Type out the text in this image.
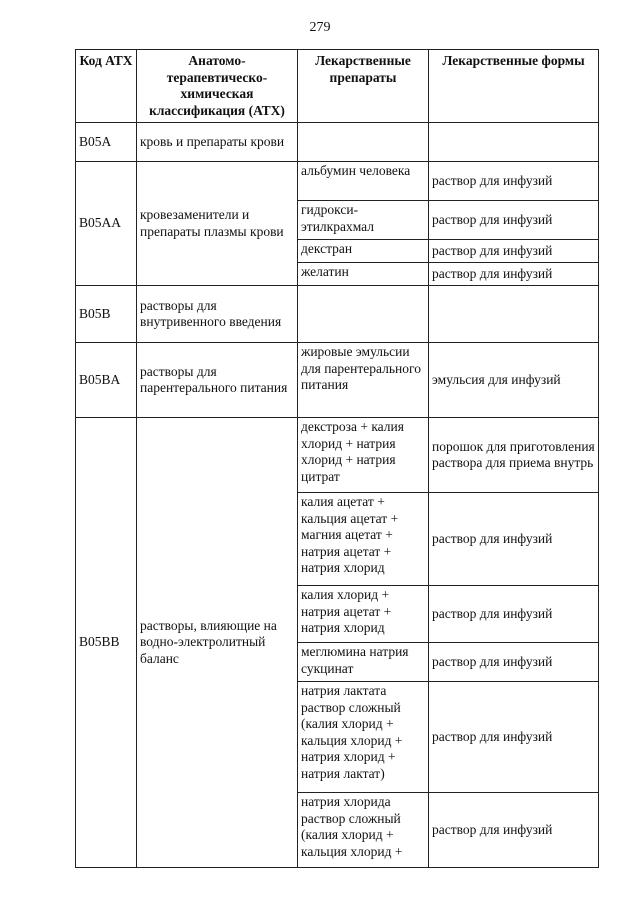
279
Код АТХ	Анатомо-терапевтическо-химическая классификация (АТХ)	Лекарственные препараты	Лекарственные формы
B05A	кровь и препараты крови		
B05AA	кровезаменители и препараты плазмы крови	альбумин человека	раствор для инфузий
		гидрокси-этилкрахмал	раствор для инфузий
		декстран	раствор для инфузий
		желатин	раствор для инфузий
B05B	растворы для внутривенного введения		
B05BA	растворы для парентерального питания	жировые эмульсии для парентерального питания	эмульсия для инфузий
B05BB	растворы, влияющие на водно-электролитный баланс	декстроза + калия хлорид + натрия хлорид + натрия цитрат	порошок для приготовления раствора для приема внутрь
		калия ацетат + кальция ацетат + магния ацетат + натрия ацетат + натрия хлорид	раствор для инфузий
		калия хлорид + натрия ацетат + натрия хлорид	раствор для инфузий
		меглюмина натрия сукцинат	раствор для инфузий
		натрия лактата раствор сложный (калия хлорид + кальция хлорид + натрия хлорид + натрия лактат)	раствор для инфузий
		натрия хлорида раствор сложный (калия хлорид + кальция хлорид +	раствор для инфузий
